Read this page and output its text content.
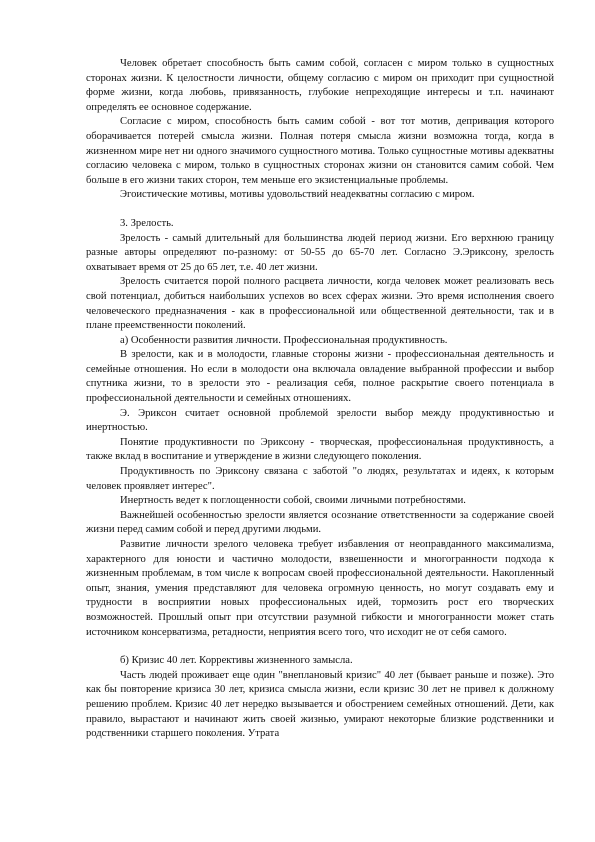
Человек обретает способность быть самим собой, согласен с миром только в сущностных сторонах жизни. К целостности личности, общему согласию с миром он приходит при сущностной форме жизни, когда любовь, привязанность, глубокие непреходящие интересы и т.п. начинают определять ее основное содержание.

Согласие с миром, способность быть самим собой - вот тот мотив, депривация которого оборачивается потерей смысла жизни. Полная потеря смысла жизни возможна тогда, когда в жизненном мире нет ни одного значимого сущностного мотива. Только сущностные мотивы адекватны согласию человека с миром, только в сущностных сторонах жизни он становится самим собой. Чем больше в его жизни таких сторон, тем меньше его экзистенциальные проблемы.

Эгоистические мотивы, мотивы удовольствий неадекватны согласию с миром.

3. Зрелость.

Зрелость - самый длительный для большинства людей период жизни. Его верхнюю границу разные авторы определяют по-разному: от 50-55 до 65-70 лет. Согласно Э.Эриксону, зрелость охватывает время от 25 до 65 лет, т.е. 40 лет жизни.

Зрелость считается порой полного расцвета личности, когда человек может реализовать весь свой потенциал, добиться наибольших успехов во всех сферах жизни. Это время исполнения своего человеческого предназначения - как в профессиональной или общественной деятельности, так и в плане преемственности поколений.

а) Особенности развития личности. Профессиональная продуктивность.

В зрелости, как и в молодости, главные стороны жизни - профессиональная деятельность и семейные отношения. Но если в молодости она включала овладение выбранной профессии и выбор спутника жизни, то в зрелости это - реализация себя, полное раскрытие своего потенциала в профессиональной деятельности и семейных отношениях.

Э. Эриксон считает основной проблемой зрелости выбор между продуктивностью и инертностью.

Понятие продуктивности по Эриксону - творческая, профессиональная продуктивность, а также вклад в воспитание и утверждение в жизни следующего поколения.

Продуктивность по Эриксону связана с заботой "о людях, результатах и идеях, к которым человек проявляет интерес".

Инертность ведет к поглощенности собой, своими личными потребностями.

Важнейшей особенностью зрелости является осознание ответственности за содержание своей жизни перед самим собой и перед другими людьми.

Развитие личности зрелого человека требует избавления от неоправданного максимализма, характерного для юности и частично молодости, взвешенности и многогранности подхода к жизненным проблемам, в том числе к вопросам своей профессиональной деятельности. Накопленный опыт, знания, умения представляют для человека огромную ценность, но могут создавать ему и трудности в восприятии новых профессиональных идей, тормозить рост его творческих возможностей. Прошлый опыт при отсутствии разумной гибкости и многогранности может стать источником консерватизма, ретадности, неприятия всего того, что исходит не от себя самого.

б) Кризис 40 лет. Коррективы жизненного замысла.

Часть людей проживает еще один "внеплановый кризис" 40 лет (бывает раньше и позже). Это как бы повторение кризиса 30 лет, кризиса смысла жизни, если кризис 30 лет не привел к должному решению проблем. Кризис 40 лет нередко вызывается и обострением семейных отношений. Дети, как правило, вырастают и начинают жить своей жизнью, умирают некоторые близкие родственники и родственники старшего поколения. Утрата
